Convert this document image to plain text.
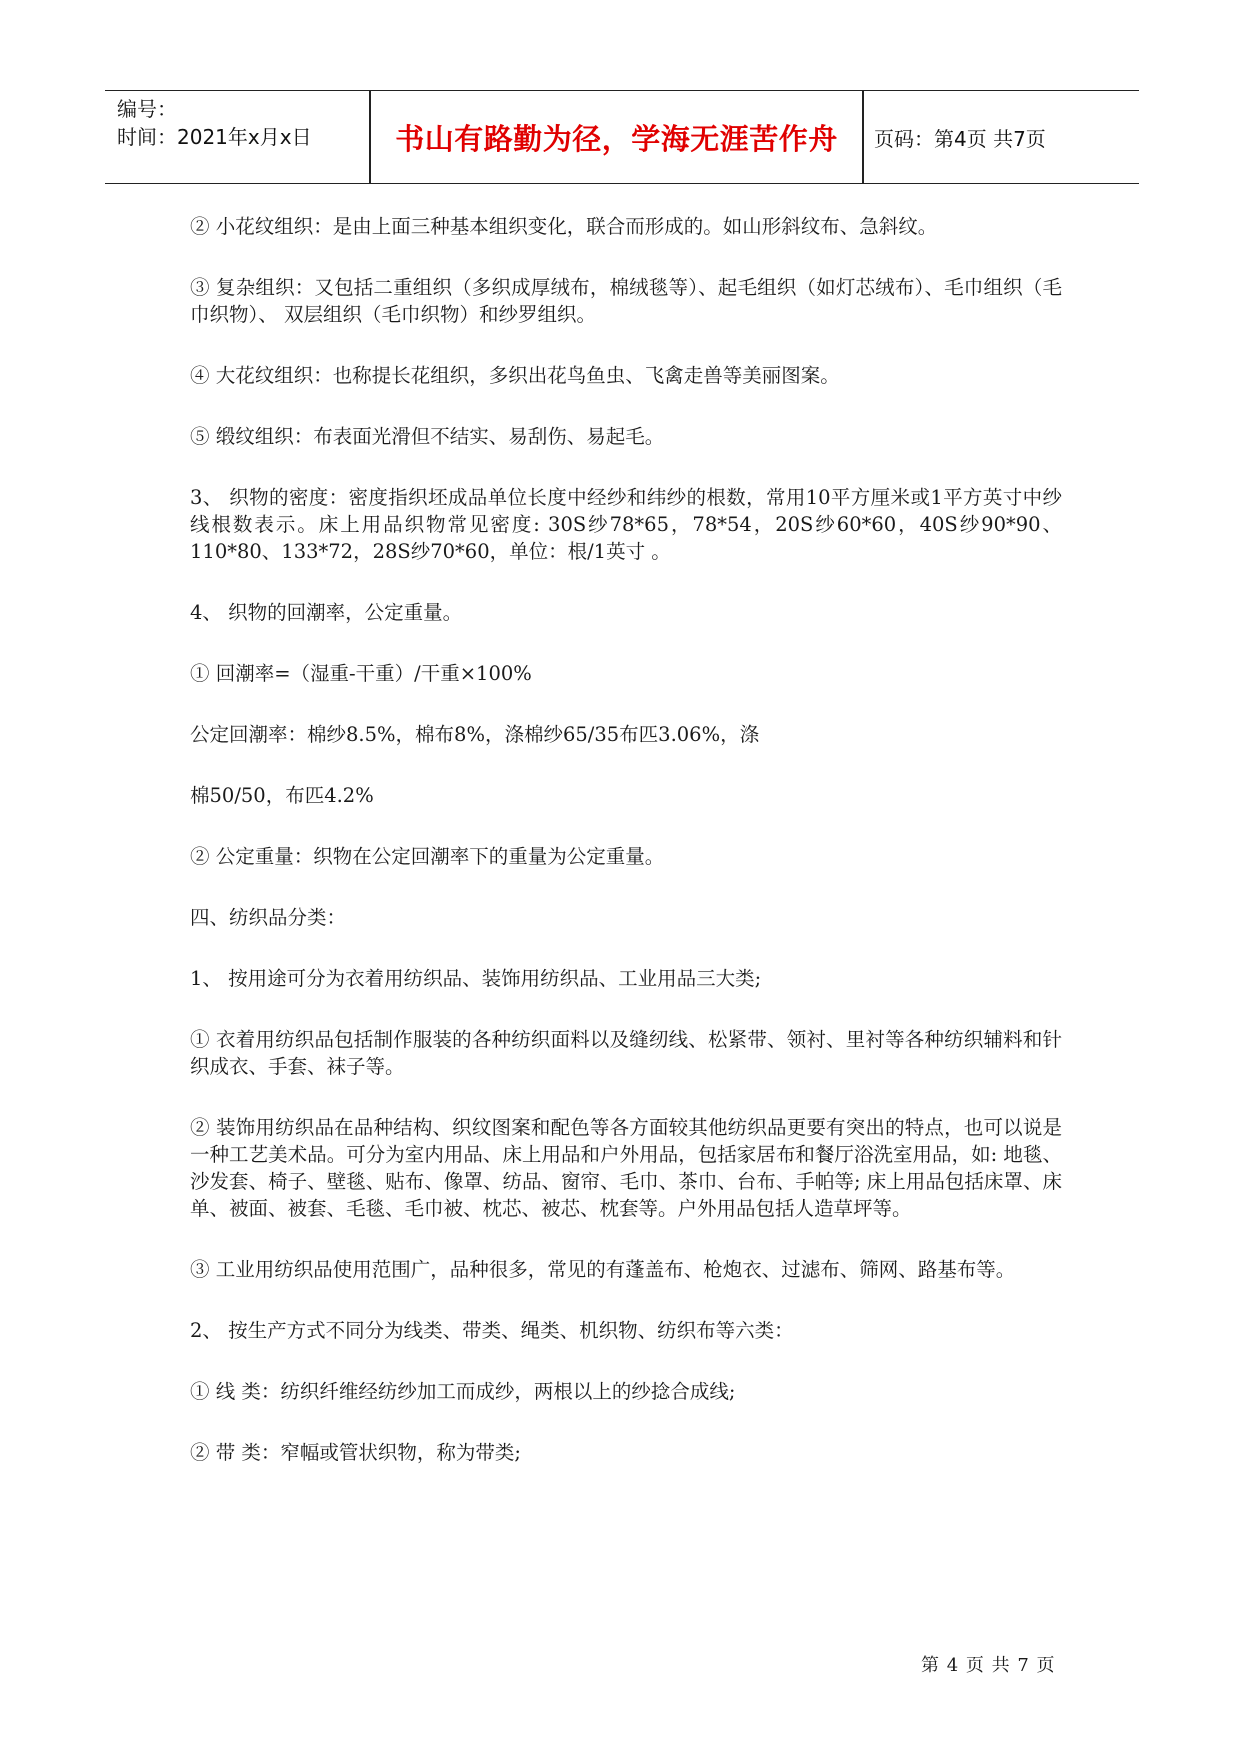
编号：
时间：2021年x月x日	书山有路勤为径，学海无涯苦作舟	页码：第4页 共7页

② 小花纹组织：是由上面三种基本组织变化，联合而形成的。如山形斜纹布、急斜纹。

③ 复杂组织：又包括二重组织（多织成厚绒布，棉绒毯等）、起毛组织（如灯芯绒布）、毛巾组织（毛巾织物）、 双层组织（毛巾织物）和纱罗组织。

④ 大花纹组织：也称提长花组织，多织出花鸟鱼虫、飞禽走兽等美丽图案。

⑤ 缎纹组织：布表面光滑但不结实、易刮伤、易起毛。

3、 织物的密度：密度指织坯成品单位长度中经纱和纬纱的根数，常用10平方厘米或1平方英寸中纱线根数表示。床上用品织物常见密度: 30S纱78*65，78*54，20S纱60*60，40S纱90*90、110*80、133*72，28S纱70*60，单位：根/1英寸 。

4、 织物的回潮率，公定重量。

① 回潮率=（湿重-干重）/干重×100%

公定回潮率：棉纱8.5%，棉布8%，涤棉纱65/35布匹3.06%，涤

棉50/50，布匹4.2%

② 公定重量：织物在公定回潮率下的重量为公定重量。

四、纺织品分类：

1、 按用途可分为衣着用纺织品、装饰用纺织品、工业用品三大类;

① 衣着用纺织品包括制作服装的各种纺织面料以及缝纫线、松紧带、领衬、里衬等各种纺织辅料和针织成衣、手套、袜子等。

② 装饰用纺织品在品种结构、织纹图案和配色等各方面较其他纺织品更要有突出的特点，也可以说是一种工艺美术品。可分为室内用品、床上用品和户外用品，包括家居布和餐厅浴洗室用品，如: 地毯、沙发套、椅子、壁毯、贴布、像罩、纺品、窗帘、毛巾、茶巾、台布、手帕等; 床上用品包括床罩、床单、被面、被套、毛毯、毛巾被、枕芯、被芯、枕套等。户外用品包括人造草坪等。

③ 工业用纺织品使用范围广，品种很多，常见的有蓬盖布、枪炮衣、过滤布、筛网、路基布等。

2、 按生产方式不同分为线类、带类、绳类、机织物、纺织布等六类：

① 线 类：纺织纤维经纺纱加工而成纱，两根以上的纱捻合成线;

② 带 类：窄幅或管状织物，称为带类;

第 4 页 共 7 页
